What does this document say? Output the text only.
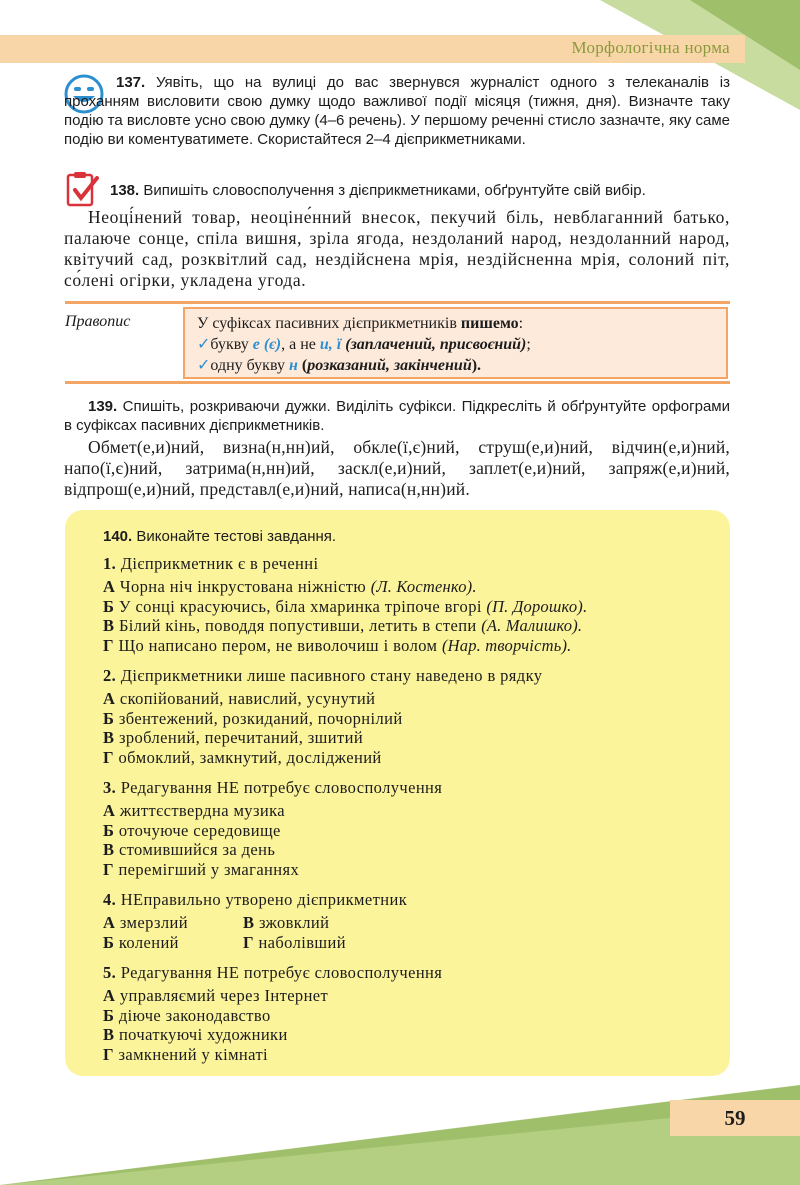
Морфологічна норма
137. Уявіть, що на вулиці до вас звернувся журналіст одного з телеканалів із проханням висловити свою думку щодо важливої події місяця (тижня, дня). Визначте таку подію та висловте усно свою думку (4–6 речень). У першому реченні стисло зазначте, яку саме подію ви коментуватимете. Скористайтеся 2–4 дієприкметниками.
138. Випишіть словосполучення з дієприкметниками, обґрунтуйте свій вибір.
Неоці́нений товар, неоціне́нний внесок, пекучий біль, невблаганний батько, палаюче сонце, спіла вишня, зріла ягода, нездоланий народ, нездоланний народ, квітучий сад, розквітлий сад, нездійснена мрія, нездійсненна мрія, солоний піт, со́лені огірки, укладена угода.
Правопис	У суфіксах пасивних дієприкметників пишемо:
✓букву е (є), а не и, ї (заплачений, присвоєний);
✓одну букву н (розказаний, закінчений).
139. Спишіть, розкриваючи дужки. Виділіть суфікси. Підкресліть й обґрунтуйте орфограми в суфіксах пасивних дієприкметників.
Обмет(е,и)ний, визна(н,нн)ий, обкле(ї,є)ний, струш(е,и)ний, відчин(е,и)ний, напо(ї,є)ний, затрима(н,нн)ий, заскл(е,и)ний, заплет(е,и)ний, запряж(е,и)ний, відпрош(е,и)ний, представл(е,и)ний, написа(н,нн)ий.
140. Виконайте тестові завдання.
1. Дієприкметник є в реченні
А Чорна ніч інкрустована ніжністю (Л. Костенко).
Б У сонці красуючись, біла хмаринка тріпоче вгорі (П. Дорошко).
В Білий кінь, поводдя попустивши, летить в степи (А. Малишко).
Г Що написано пером, не виволочиш і волом (Нар. творчість).
2. Дієприкметники лише пасивного стану наведено в рядку
А скопійований, навислий, усунутий
Б збентежений, розкиданий, почорнілий
В зроблений, перечитаний, зшитий
Г обмоклий, замкнутий, досліджений
3. Редагування НЕ потребує словосполучення
А життєствердна музика
Б оточуюче середовище
В стомившийся за день
Г перемігший у змаганнях
4. НЕправильно утворено дієприкметник
А змерзлий
Б колений
В зжовклий
Г наболівший
5. Редагування НЕ потребує словосполучення
А управляємий через Інтернет
Б діюче законодавство
В початкуючі художники
Г замкнений у кімнаті
59
